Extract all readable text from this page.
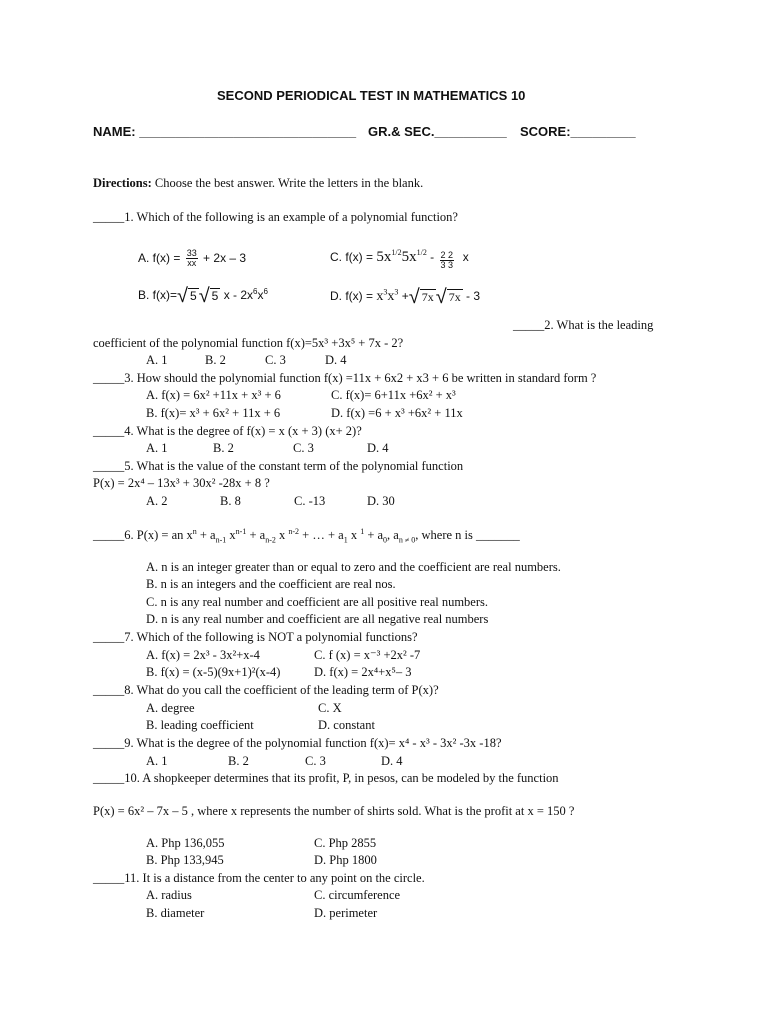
SECOND PERIODICAL TEST IN MATHEMATICS 10
NAME: ______________________________ GR.& SEC.__________ SCORE:_________
Directions: Choose the best answer. Write the letters in the blank.
_____1. Which of the following is an example of a polynomial function?
A. $f(x) = \frac{33}{xx} + 2x - 3$
B. f(x)=√ 5 √ 5 x - $2x^6x^6$
C. $f(x) = 5x^{1/2}5x^{1/2} - \frac{2 2}{3 3}$ x
D. $f(x) = x^3x^3$ +√ 7x √ 7x - 3
_____2. What is the leading
coefficient of the polynomial function f(x)=5x³ +3x⁵ + 7x - 2?
A. 1	B. 2	C. 3	D. 4
_____3. How should the polynomial function f(x) =11x + 6x2 + x3 + 6 be written in standard form ?
A. f(x) = 6x² +11x + x³ + 6	C. f(x)= 6+11x +6x² + x³
B. f(x)= x³ + 6x² + 11x + 6	D. f(x) =6 + x³ +6x² + 11x
_____4. What is the degree of f(x) = x (x + 3) (x+ 2)?
A. 1	B. 2	C. 3	D. 4
_____5. What is the value of the constant term of the polynomial function
P(x) = 2x⁴ – 13x³ + 30x² -28x + 8 ?
A. 2	B. 8	C. -13	D. 30
_____6. P(x) = an $x^n + a_{n-1}$ $x^{n-1} + a_{n-2}$ x $^{n-2}$ + … + $a_1$ x $^1 + a_0$, $a_{n \ne 0}$, where n is _______
A. n is an integer greater than or equal to zero and the coefficient are real numbers.
B. n is an integers and the coefficient are real nos.
C. n is any real number and coefficient are all positive real numbers.
D. n is any real number and coefficient are all negative real numbers
_____7. Which of the following is NOT a polynomial functions?
A. f(x) = 2x³ - 3x²+x-4	C. f (x) = x⁻³ +2x² -7
B. f(x) = (x-5)(9x+1)²(x-4)	D. f(x) = 2x⁴+x⁵– 3
_____8. What do you call the coefficient of the leading term of P(x)?
A. degree	C. X
B. leading coefficient	D. constant
_____9. What is the degree of the polynomial function f(x)= x⁴ - x³ - 3x² -3x -18?
A. 1	B. 2	C. 3	D. 4
_____10. A shopkeeper determines that its profit, P, in pesos, can be modeled by the function
P(x) = 6x² – 7x – 5 , where x represents the number of shirts sold. What is the profit at x = 150 ?
A. Php 136,055	C. Php 2855
B. Php 133,945	D. Php 1800
_____11. It is a distance from the center to any point on the circle.
A. radius	C. circumference
B. diameter	D. perimeter
